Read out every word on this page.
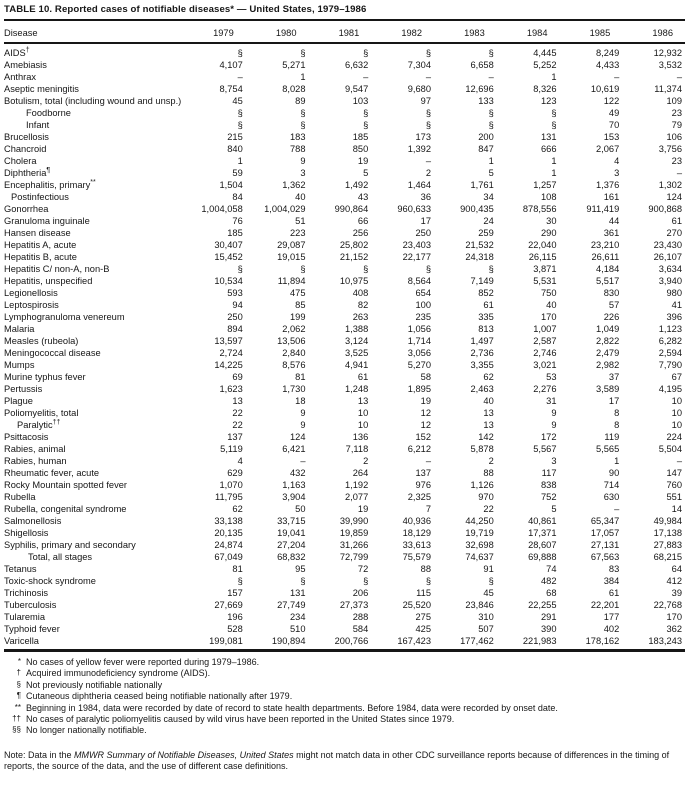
TABLE 10. Reported cases of notifiable diseases* — United States, 1979–1986
Disease	1979	1980	1981	1982	1983	1984	1985	1986
AIDS†	§	§	§	§	§	4,445	8,249	12,932
Amebiasis	4,107	5,271	6,632	7,304	6,658	5,252	4,433	3,532
Anthrax	–	1	–	–	–	1	–	–
Aseptic meningitis	8,754	8,028	9,547	9,680	12,696	8,326	10,619	11,374
Botulism, total (including wound and unsp.)	45	89	103	97	133	123	122	109
Foodborne	§	§	§	§	§	§	49	23
Infant	§	§	§	§	§	§	70	79
Brucellosis	215	183	185	173	200	131	153	106
Chancroid	840	788	850	1,392	847	666	2,067	3,756
Cholera	1	9	19	–	1	1	4	23
Diphtheria¶	59	3	5	2	5	1	3	–
Encephalitis, primary**	1,504	1,362	1,492	1,464	1,761	1,257	1,376	1,302
Postinfectious	84	40	43	36	34	108	161	124
Gonorrhea	1,004,058	1,004,029	990,864	960,633	900,435	878,556	911,419	900,868
Granuloma inguinale	76	51	66	17	24	30	44	61
Hansen disease	185	223	256	250	259	290	361	270
Hepatitis A, acute	30,407	29,087	25,802	23,403	21,532	22,040	23,210	23,430
Hepatitis B, acute	15,452	19,015	21,152	22,177	24,318	26,115	26,611	26,107
Hepatitis C/ non-A, non-B	§	§	§	§	§	3,871	4,184	3,634
Hepatitis, unspecified	10,534	11,894	10,975	8,564	7,149	5,531	5,517	3,940
Legionellosis	593	475	408	654	852	750	830	980
Leptospirosis	94	85	82	100	61	40	57	41
Lymphogranuloma venereum	250	199	263	235	335	170	226	396
Malaria	894	2,062	1,388	1,056	813	1,007	1,049	1,123
Measles (rubeola)	13,597	13,506	3,124	1,714	1,497	2,587	2,822	6,282
Meningococcal disease	2,724	2,840	3,525	3,056	2,736	2,746	2,479	2,594
Mumps	14,225	8,576	4,941	5,270	3,355	3,021	2,982	7,790
Murine typhus fever	69	81	61	58	62	53	37	67
Pertussis	1,623	1,730	1,248	1,895	2,463	2,276	3,589	4,195
Plague	13	18	13	19	40	31	17	10
Poliomyelitis, total	22	9	10	12	13	9	8	10
Paralytic††	22	9	10	12	13	9	8	10
Psittacosis	137	124	136	152	142	172	119	224
Rabies, animal	5,119	6,421	7,118	6,212	5,878	5,567	5,565	5,504
Rabies, human	4	–	2	–	2	3	1	–
Rheumatic fever, acute	629	432	264	137	88	117	90	147
Rocky Mountain spotted fever	1,070	1,163	1,192	976	1,126	838	714	760
Rubella	11,795	3,904	2,077	2,325	970	752	630	551
Rubella, congenital syndrome	62	50	19	7	22	5	–	14
Salmonellosis	33,138	33,715	39,990	40,936	44,250	40,861	65,347	49,984
Shigellosis	20,135	19,041	19,859	18,129	19,719	17,371	17,057	17,138
Syphilis, primary and secondary	24,874	27,204	31,266	33,613	32,698	28,607	27,131	27,883
Total, all stages	67,049	68,832	72,799	75,579	74,637	69,888	67,563	68,215
Tetanus	81	95	72	88	91	74	83	64
Toxic-shock syndrome	§	§	§	§	§	482	384	412
Trichinosis	157	131	206	115	45	68	61	39
Tuberculosis	27,669	27,749	27,373	25,520	23,846	22,255	22,201	22,768
Tularemia	196	234	288	275	310	291	177	170
Typhoid fever	528	510	584	425	507	390	402	362
Varicella	199,081	190,894	200,766	167,423	177,462	221,983	178,162	183,243
* No cases of yellow fever were reported during 1979–1986.
† Acquired immunodeficiency syndrome (AIDS).
§ Not previously notifiable nationally
¶ Cutaneous diphtheria ceased being notifiable nationally after 1979.
** Beginning in 1984, data were recorded by date of record to state health departments. Before 1984, data were recorded by onset date.
†† No cases of paralytic poliomyelitis caused by wild virus have been reported in the United States since 1979.
§§ No longer nationally notifiable.
Note: Data in the MMWR Summary of Notifiable Diseases, United States might not match data in other CDC surveillance reports because of differences in the timing of reports, the source of the data, and the use of different case definitions.
